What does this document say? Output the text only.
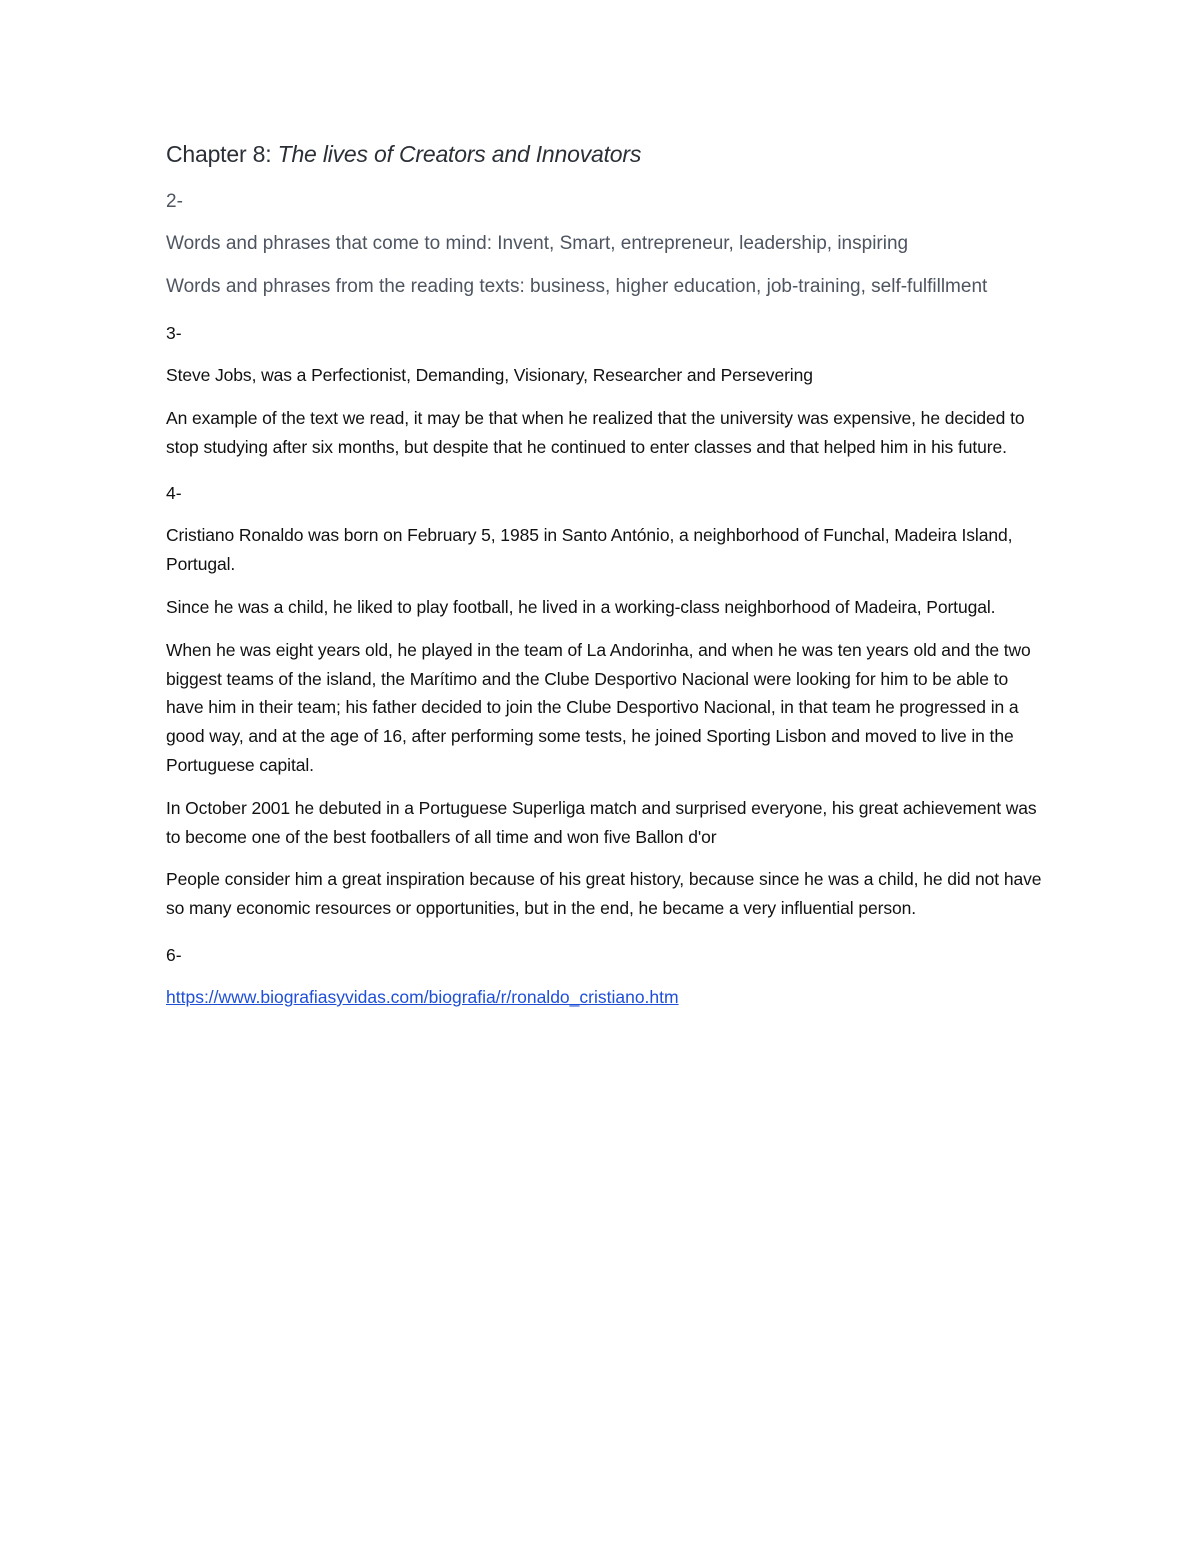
Chapter 8: The lives of Creators and Innovators
2-

Words and phrases that come to mind: Invent, Smart, entrepreneur, leadership, inspiring

Words and phrases from the reading texts: business, higher education, job-training, self-fulfillment

3-

Steve Jobs, was a Perfectionist, Demanding, Visionary, Researcher and Persevering

An example of the text we read, it may be that when he realized that the university was expensive, he decided to stop studying after six months, but despite that he continued to enter classes and that helped him in his future.

4-

Cristiano Ronaldo was born on February 5, 1985 in Santo António, a neighborhood of Funchal, Madeira Island, Portugal.

Since he was a child, he liked to play football, he lived in a working-class neighborhood of Madeira, Portugal.

When he was eight years old, he played in the team of La Andorinha, and when he was ten years old and the two biggest teams of the island, the Marítimo and the Clube Desportivo Nacional were looking for him to be able to have him in their team; his father decided to join the Clube Desportivo Nacional, in that team he progressed in a good way, and at the age of 16, after performing some tests, he joined Sporting Lisbon and moved to live in the Portuguese capital.

In October 2001 he debuted in a Portuguese Superliga match and surprised everyone, his great achievement was to become one of the best footballers of all time and won five Ballon d'or

People consider him a great inspiration because of his great history, because since he was a child, he did not have so many economic resources or opportunities, but in the end, he became a very influential person.

6-
https://www.biografiasyvidas.com/biografia/r/ronaldo_cristiano.htm
